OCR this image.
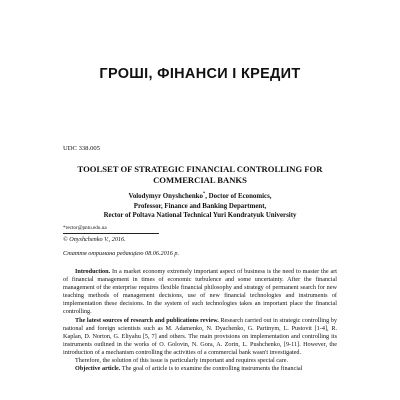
ГРОШІ, ФІНАНСИ І КРЕДИТ
UDC 338.005
TOOLSET OF STRATEGIC FINANCIAL CONTROLLING FOR
COMMERCIAL BANKS
Volodymyr Onyshchenko*, Doctor of Economics,
Professor, Finance and Banking Department,
Rector of Poltava National Technical Yuri Kondratyuk University
*rector@pntu.edu.ua
© Onyshchenko V., 2016.
Стаття отримана редакцією 08.06.2016 р.

Introduction. In a market economy extremely important aspect of business is the need to master the art of financial management in times of economic turbulence and some uncertainty. After the financial management of the enterprise requires flexible financial philosophy and strategy of permanent search for new teaching methods of management decisions, use of new financial technologies and instruments of implementation these decisions. In the system of such technologies takes an important place the financial controlling.

The latest sources of research and publications review. Research carried out in strategic controlling by national and foreign scientists such as M. Adamenko, N. Dyachenko, G. Partinym, L. Pustovit [1-4], R. Kaplan, D. Norton, G. Eliyahu [5, 7] and others. The main provisions on implementation and controlling its instruments outlined in the works of O. Golovin, N. Gora, A. Zorin, L. Pushchenko, [9-11]. However, the introduction of a mechanism controlling the activities of a commercial bank wasn't investigated.

Therefore, the solution of this issue is particularly important and requires special care.

Objective article. The goal of article is to examine the controlling instruments the financial
